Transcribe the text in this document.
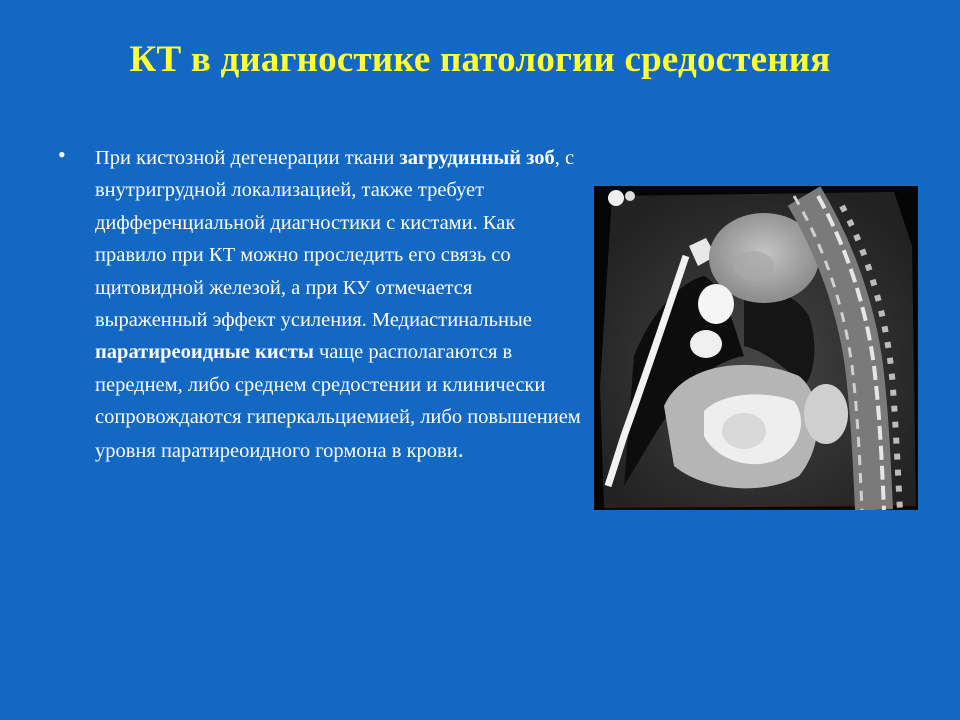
КТ в диагностике патологии средостения
• При кистозной дегенерации ткани загрудинный зоб, с внутригрудной локализацией, также требует дифференциальной диагностики с кистами. Как правило при КТ можно проследить его связь со щитовидной железой, а при КУ отмечается выраженный эффект усиления. Медиастинальные паратиреоидные кисты чаще располагаются в переднем, либо среднем средостении и клинически сопровождаются гиперкальциемией, либо повышением уровня паратиреоидного гормона в крови.
